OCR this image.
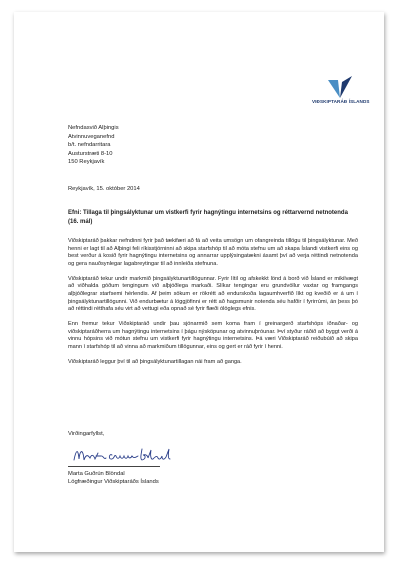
VIÐSKIPTARÁÐ ÍSLANDS
Nefndasvið Alþingis
Atvinnuveganefnd
b/t. nefndarritara
Austurstræti 8-10
150 Reykjavík
Reykjavík, 15. október 2014
Efni: Tillaga til þingsályktunar um vistkerfi fyrir hagnýtingu internetsins og réttarvernd netnotenda (16. mál)

Viðskiptaráð þakkar nefndinni fyrir það tækifæri að fá að veita umsögn um ofangreinda tillögu til þingsályktunar. Með henni er lagt til að Alþingi feli ríkisstjórninni að skipa starfshóp til að móta stefnu um að skapa Íslandi vistkerfi eins og best verður á kosið fyrir hagnýtingu internetsins og annarrar upplýsingatækni ásamt því að verja réttindi netnotenda og gera nauðsynlegar lagabreytingar til að innleiða stefnuna.

Viðskiptaráð tekur undir markmið þingsályktunartillögunnar. Fyrir lítil og afskekkt lönd á borð við Ísland er mikilvægt að viðhalda góðum tengingum við alþjóðlega markaði. Slíkar tengingar eru grundvöllur vaxtar og framgangs alþjóðlegrar starfsemi hérlendis. Af þeim sökum er rökrétt að endurskoða lagaumhverfið líkt og kveðið er á um í þingsályktunartillögunni. Við endurbætur á löggjöfinni er rétt að hagsmunir notenda séu hafðir í fyrirrúmi, án þess þó að réttindi rétthafa séu virt að vettugi eða opnað sé fyrir flæði ólöglegs efnis.

Enn fremur tekur Viðskiptaráð undir þau sjónarmið sem koma fram í greinargerð starfshóps iðnaðar- og viðskiptaráðherra um hagnýtingu internetsins í þágu nýsköpunar og atvinnuþróunar. Því styður ráðið að byggt verði á vinnu hópsins við mótun stefnu um vistkerfi fyrir hagnýtingu internetsins. Þá væri Viðskiptaráð reiðubúið að skipa mann í starfshóp til að vinna að markmiðum tillögunnar, eins og gert er ráð fyrir í henni.

Viðskiptaráð leggur því til að þingsályktunartillagan nái fram að ganga.

Virðingarfyllst,
Marta Guðrún Blöndal
Lögfræðingur Viðskiptaráðs Íslands
